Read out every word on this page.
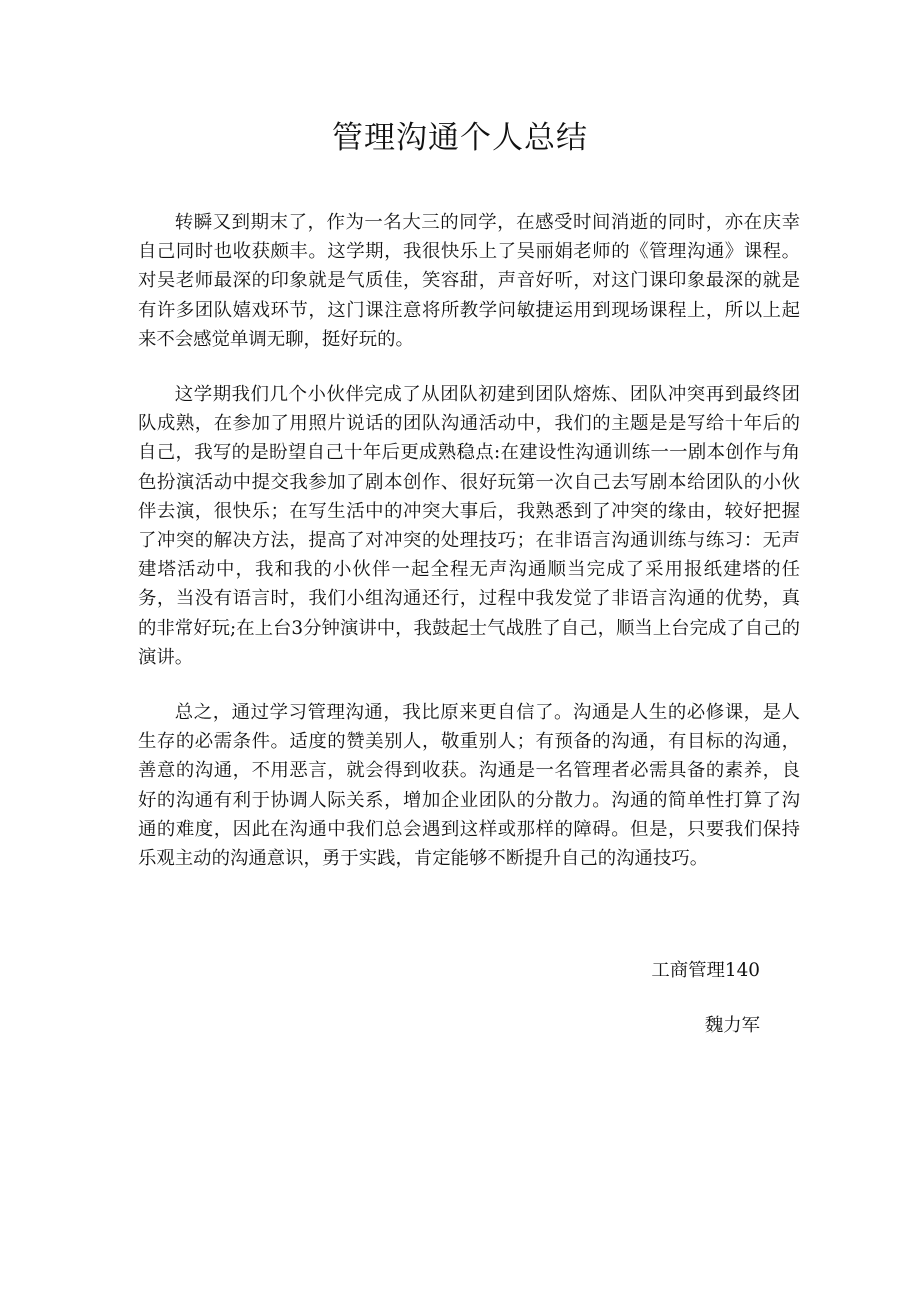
管理沟通个人总结

转瞬又到期末了，作为一名大三的同学，在感受时间消逝的同时，亦在庆幸自己同时也收获颇丰。这学期，我很快乐上了吴丽娟老师的《管理沟通》课程。对吴老师最深的印象就是气质佳，笑容甜，声音好听，对这门课印象最深的就是有许多团队嬉戏环节，这门课注意将所教学问敏捷运用到现场课程上，所以上起来不会感觉单调无聊，挺好玩的。

这学期我们几个小伙伴完成了从团队初建到团队熔炼、团队冲突再到最终团队成熟，在参加了用照片说话的团队沟通活动中，我们的主题是是写给十年后的自己，我写的是盼望自己十年后更成熟稳点:在建设性沟通训练一一剧本创作与角色扮演活动中提交我参加了剧本创作、很好玩第一次自己去写剧本给团队的小伙伴去演，很快乐；在写生活中的冲突大事后，我熟悉到了冲突的缘由，较好把握了冲突的解决方法，提高了对冲突的处理技巧；在非语言沟通训练与练习：无声建塔活动中，我和我的小伙伴一起全程无声沟通顺当完成了采用报纸建塔的任务，当没有语言时，我们小组沟通还行，过程中我发觉了非语言沟通的优势，真的非常好玩;在上台3分钟演讲中，我鼓起士气战胜了自己，顺当上台完成了自己的演讲。

总之，通过学习管理沟通，我比原来更自信了。沟通是人生的必修课，是人生存的必需条件。适度的赞美别人，敬重别人；有预备的沟通，有目标的沟通，善意的沟通，不用恶言，就会得到收获。沟通是一名管理者必需具备的素养，良好的沟通有利于协调人际关系，增加企业团队的分散力。沟通的简单性打算了沟通的难度，因此在沟通中我们总会遇到这样或那样的障碍。但是，只要我们保持乐观主动的沟通意识，勇于实践，肯定能够不断提升自己的沟通技巧。

工商管理140
魏力军
